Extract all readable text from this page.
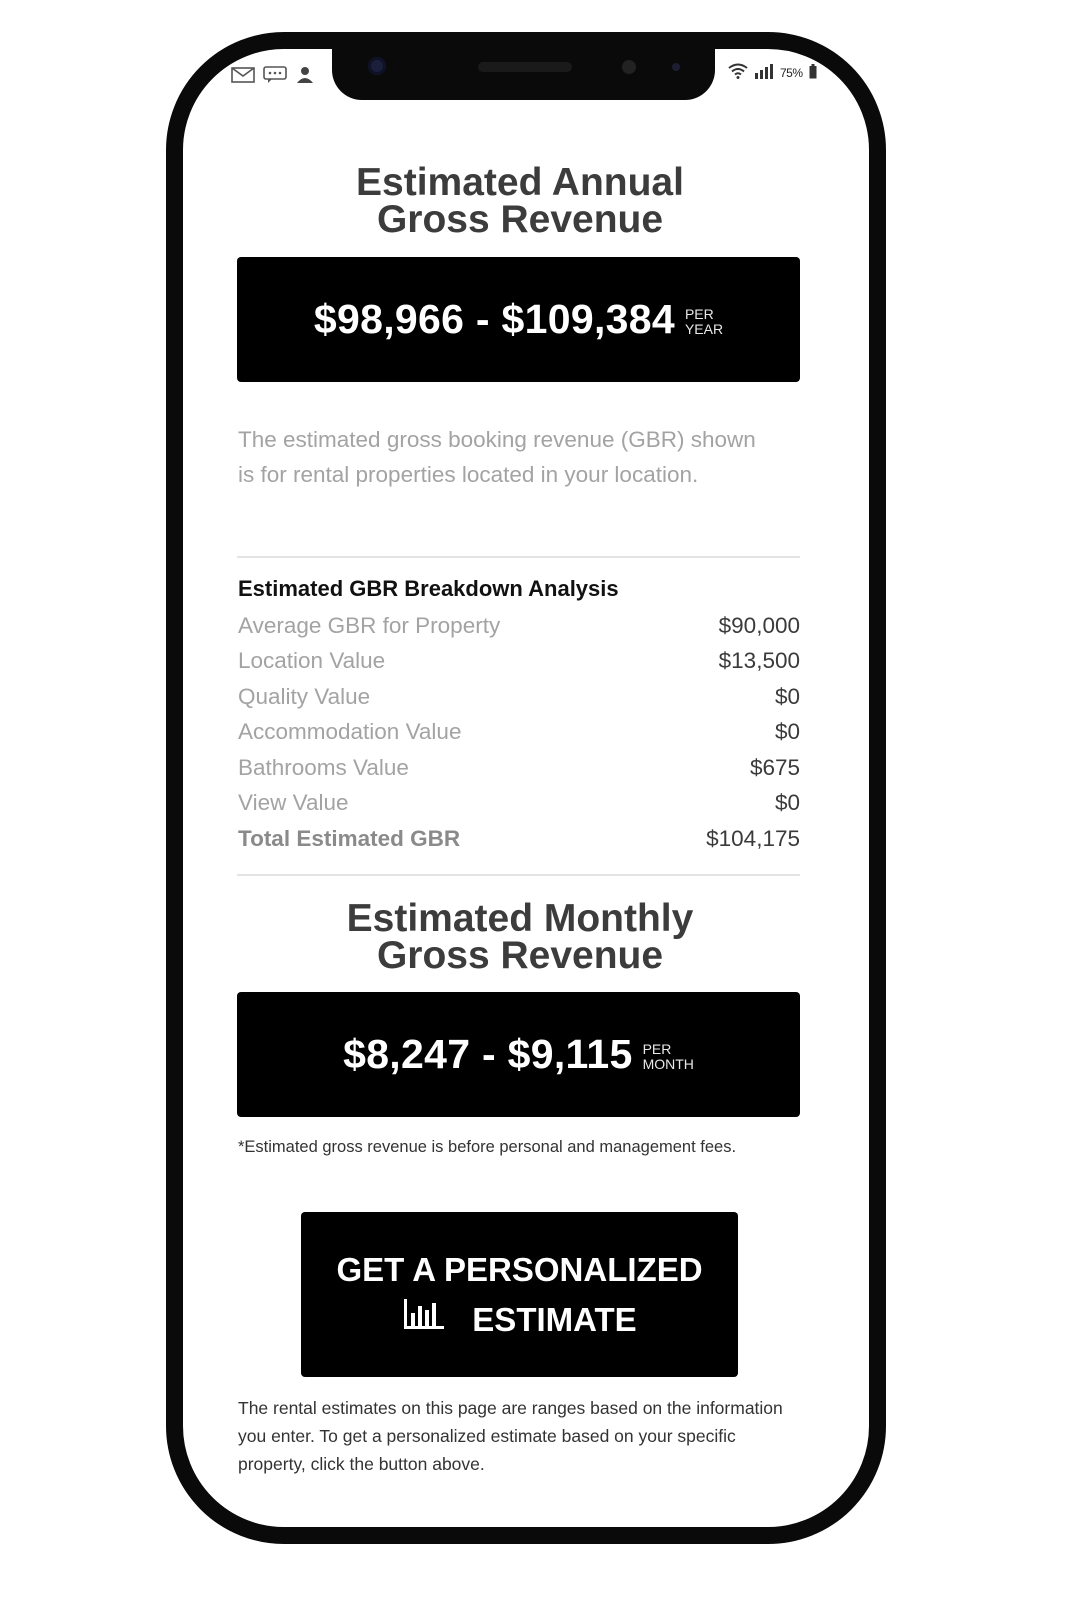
75%
Estimated Annual
Gross Revenue
$98,966 - $109,384 PER
YEAR

The estimated gross booking revenue (GBR) shown is for rental properties located in your location.

Estimated GBR Breakdown Analysis
Average GBR for Property	$90,000
Location Value	$13,500
Quality Value	$0
Accommodation Value	$0
Bathrooms Value	$675
View Value	$0
Total Estimated GBR	$104,175
Estimated Monthly
Gross Revenue
$8,247 - $9,115 PER
MONTH

*Estimated gross revenue is before personal and management fees.

GET A PERSONALIZED
ESTIMATE

The rental estimates on this page are ranges based on the information you enter. To get a personalized estimate based on your specific property, click the button above.
